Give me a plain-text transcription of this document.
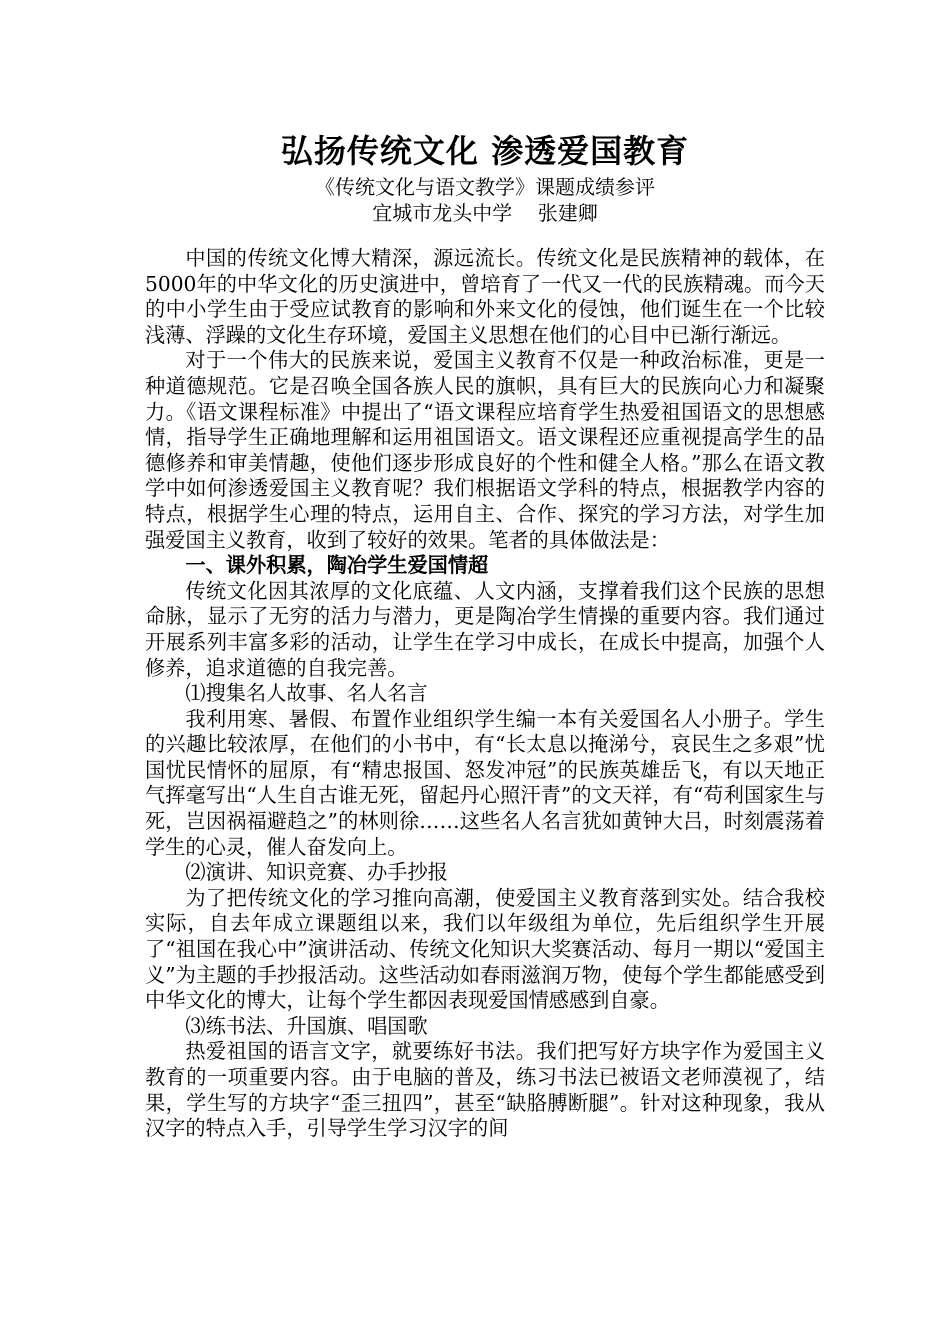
弘扬传统文化 渗透爱国教育

《传统文化与语文教学》课题成绩参评

宜城市龙头中学    张建卿

中国的传统文化博大精深，源远流长。传统文化是民族精神的载体，在5000年的中华文化的历史演进中，曾培育了一代又一代的民族精魂。而今天的中小学生由于受应试教育的影响和外来文化的侵蚀，他们诞生在一个比较浅薄、浮躁的文化生存环境，爱国主义思想在他们的心目中已渐行渐远。

对于一个伟大的民族来说，爱国主义教育不仅是一种政治标准，更是一种道德规范。它是召唤全国各族人民的旗帜，具有巨大的民族向心力和凝聚力。《语文课程标准》中提出了“语文课程应培育学生热爱祖国语文的思想感情，指导学生正确地理解和运用祖国语文。语文课程还应重视提高学生的品德修养和审美情趣，使他们逐步形成良好的个性和健全人格。”那么在语文教学中如何渗透爱国主义教育呢？我们根据语文学科的特点，根据教学内容的特点，根据学生心理的特点，运用自主、合作、探究的学习方法，对学生加强爱国主义教育，收到了较好的效果。笔者的具体做法是：

一、课外积累，陶冶学生爱国情超

传统文化因其浓厚的文化底蕴、人文内涵，支撑着我们这个民族的思想命脉，显示了无穷的活力与潜力，更是陶冶学生情操的重要内容。我们通过开展系列丰富多彩的活动，让学生在学习中成长，在成长中提高，加强个人修养，追求道德的自我完善。

⑴搜集名人故事、名人名言

我利用寒、暑假、布置作业组织学生编一本有关爱国名人小册子。学生的兴趣比较浓厚，在他们的小书中，有“长太息以掩涕兮，哀民生之多艰”忧国忧民情怀的屈原，有“精忠报国、怒发冲冠”的民族英雄岳飞，有以天地正气挥毫写出“人生自古谁无死，留起丹心照汗青”的文天祥，有“苟利国家生与死，岂因祸福避趋之”的林则徐……这些名人名言犹如黄钟大吕，时刻震荡着学生的心灵，催人奋发向上。

⑵演讲、知识竞赛、办手抄报

为了把传统文化的学习推向高潮，使爱国主义教育落到实处。结合我校实际，自去年成立课题组以来，我们以年级组为单位，先后组织学生开展了“祖国在我心中”演讲活动、传统文化知识大奖赛活动、每月一期以“爱国主义”为主题的手抄报活动。这些活动如春雨滋润万物，使每个学生都能感受到中华文化的博大，让每个学生都因表现爱国情感感到自豪。

⑶练书法、升国旗、唱国歌

热爱祖国的语言文字，就要练好书法。我们把写好方块字作为爱国主义教育的一项重要内容。由于电脑的普及，练习书法已被语文老师漠视了，结果，学生写的方块字“歪三扭四”，甚至“缺胳膊断腿”。针对这种现象，我从汉字的特点入手，引导学生学习汉字的间
